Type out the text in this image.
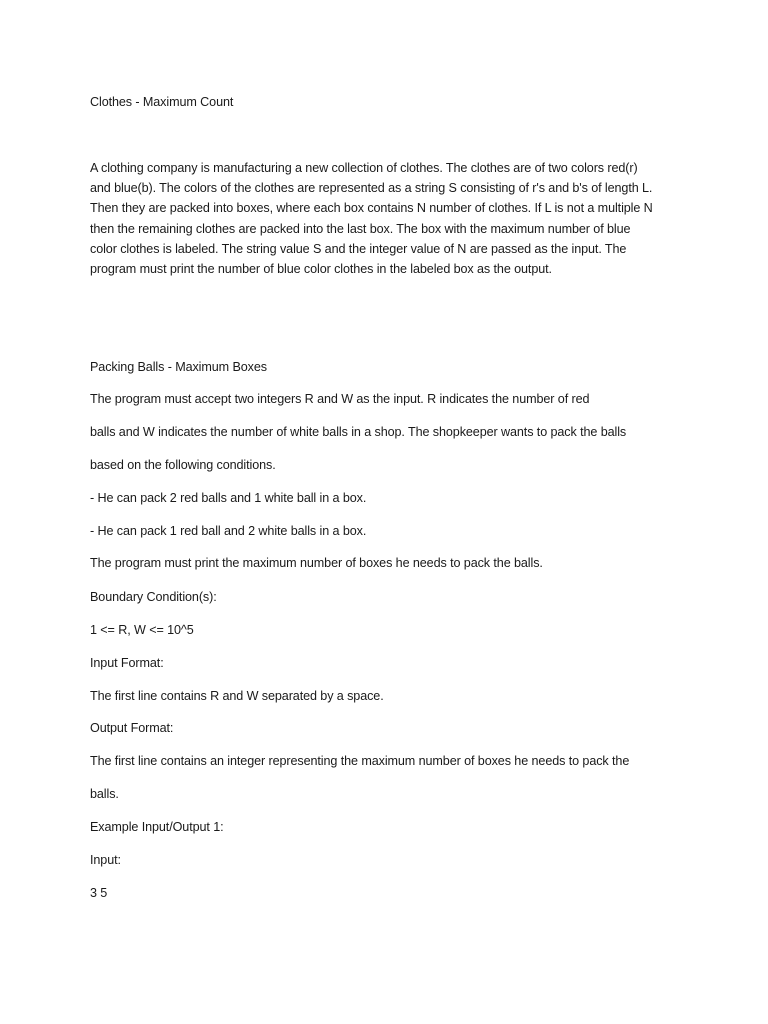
Clothes - Maximum Count
A clothing company is manufacturing a new collection of clothes. The clothes are of two colors red(r)
and blue(b). The colors of the clothes are represented as a string S consisting of r's and b's of length L.
Then they are packed into boxes, where each box contains N number of clothes. If L is not a multiple N
then the remaining clothes are packed into the last box. The box with the maximum number of blue
color clothes is labeled. The string value S and the integer value of N are passed as the input. The
program must print the number of blue color clothes in the labeled box as the output.
Packing Balls - Maximum Boxes
The program must accept two integers R and W as the input. R indicates the number of red
balls and W indicates the number of white balls in a shop. The shopkeeper wants to pack the balls
based on the following conditions.
- He can pack 2 red balls and 1 white ball in a box.
- He can pack 1 red ball and 2 white balls in a box.
The program must print the maximum number of boxes he needs to pack the balls.
Boundary Condition(s):
1 <= R, W <= 10^5
Input Format:
The first line contains R and W separated by a space.
Output Format:
The first line contains an integer representing the maximum number of boxes he needs to pack the
balls.
Example Input/Output 1:
Input:
3 5
